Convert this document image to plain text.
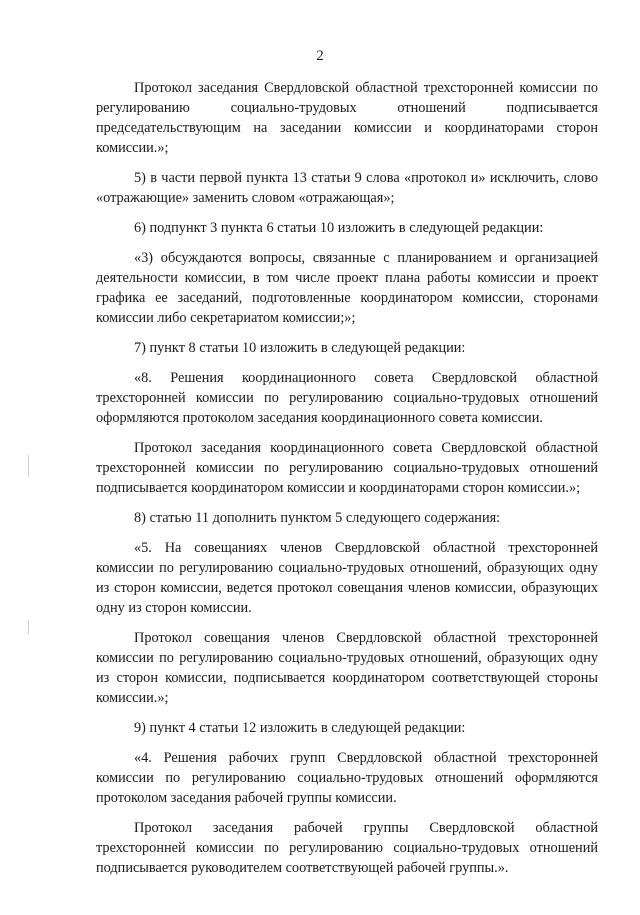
2

Протокол заседания Свердловской областной трехсторонней комиссии по регулированию социально-трудовых отношений подписывается председательствующим на заседании комиссии и координаторами сторон комиссии.»;

5) в части первой пункта 13 статьи 9 слова «протокол и» исключить, слово «отражающие» заменить словом «отражающая»;

6) подпункт 3 пункта 6 статьи 10 изложить в следующей редакции:

«3) обсуждаются вопросы, связанные с планированием и организацией деятельности комиссии, в том числе проект плана работы комиссии и проект графика ее заседаний, подготовленные координатором комиссии, сторонами комиссии либо секретариатом комиссии;»;

7) пункт 8 статьи 10 изложить в следующей редакции:

«8. Решения координационного совета Свердловской областной трехсторонней комиссии по регулированию социально-трудовых отношений оформляются протоколом заседания координационного совета комиссии.

Протокол заседания координационного совета Свердловской областной трехсторонней комиссии по регулированию социально-трудовых отношений подписывается координатором комиссии и координаторами сторон комиссии.»;

8) статью 11 дополнить пунктом 5 следующего содержания:

«5. На совещаниях членов Свердловской областной трехсторонней комиссии по регулированию социально-трудовых отношений, образующих одну из сторон комиссии, ведется протокол совещания членов комиссии, образующих одну из сторон комиссии.

Протокол совещания членов Свердловской областной трехсторонней комиссии по регулированию социально-трудовых отношений, образующих одну из сторон комиссии, подписывается координатором соответствующей стороны комиссии.»;

9) пункт 4 статьи 12 изложить в следующей редакции:

«4. Решения рабочих групп Свердловской областной трехсторонней комиссии по регулированию социально-трудовых отношений оформляются протоколом заседания рабочей группы комиссии.

Протокол заседания рабочей группы Свердловской областной трехсторонней комиссии по регулированию социально-трудовых отношений подписывается руководителем соответствующей рабочей группы.».
